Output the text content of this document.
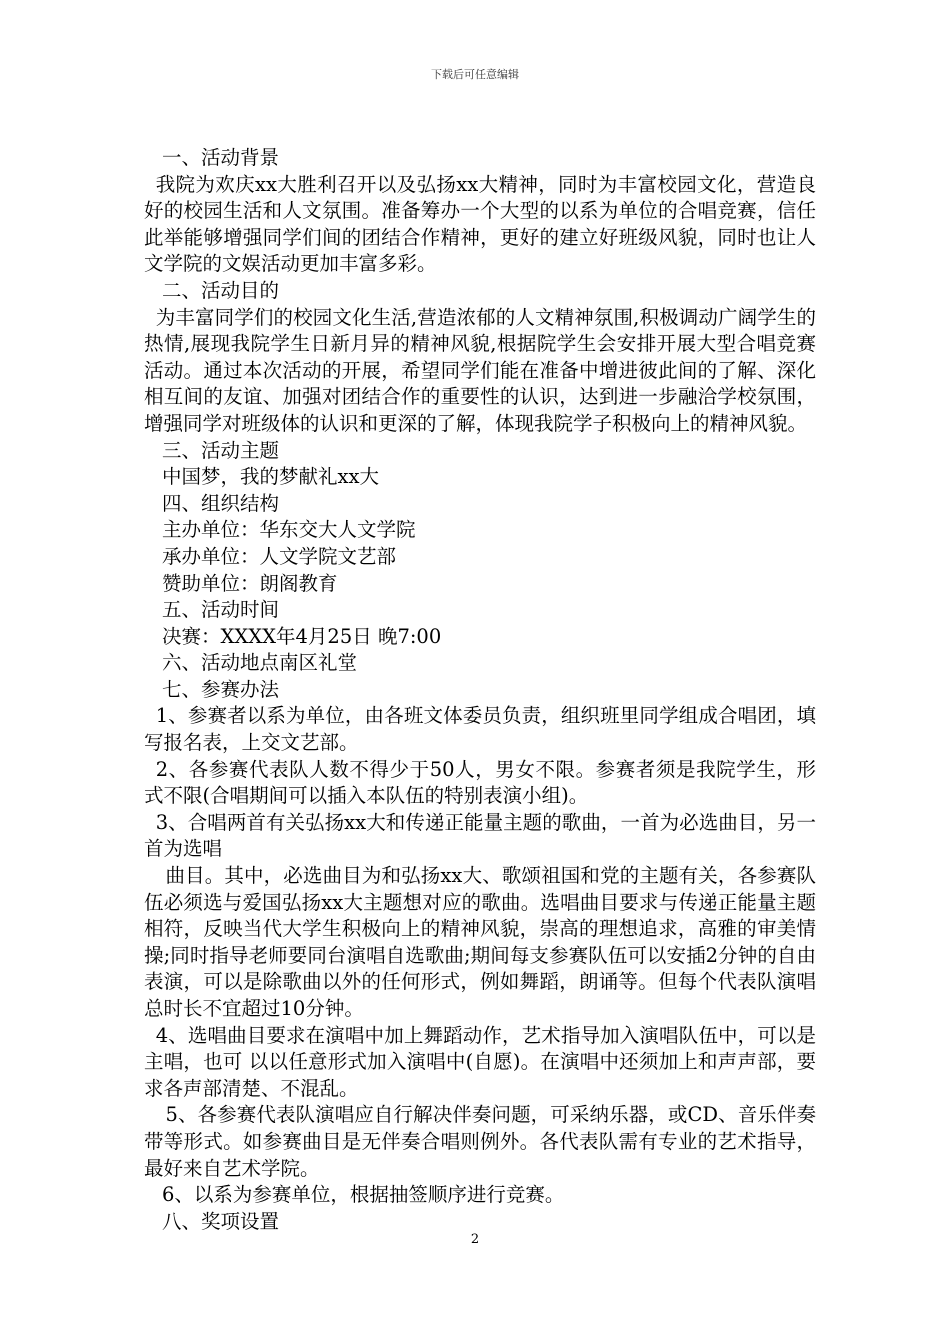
下载后可任意编辑

一、活动背景

我院为欢庆xx大胜利召开以及弘扬xx大精神，同时为丰富校园文化，营造良好的校园生活和人文氛围。准备筹办一个大型的以系为单位的合唱竞赛，信任此举能够增强同学们间的团结合作精神，更好的建立好班级风貌，同时也让人文学院的文娱活动更加丰富多彩。

二、活动目的

为丰富同学们的校园文化生活,营造浓郁的人文精神氛围,积极调动广阔学生的热情,展现我院学生日新月异的精神风貌,根据院学生会安排开展大型合唱竞赛活动。通过本次活动的开展，希望同学们能在准备中增进彼此间的了解、深化相互间的友谊、加强对团结合作的重要性的认识，达到进一步融洽学校氛围，增强同学对班级体的认识和更深的了解，体现我院学子积极向上的精神风貌。

三、活动主题

中国梦，我的梦献礼xx大

四、组织结构

主办单位：华东交大人文学院

承办单位：人文学院文艺部

赞助单位：朗阁教育

五、活动时间

决赛：XXXX年4月25日 晚7:00

六、活动地点南区礼堂

七、参赛办法

1、参赛者以系为单位，由各班文体委员负责，组织班里同学组成合唱团，填写报名表，上交文艺部。

2、各参赛代表队人数不得少于50人，男女不限。参赛者须是我院学生，形式不限(合唱期间可以插入本队伍的特别表演小组)。

3、合唱两首有关弘扬xx大和传递正能量主题的歌曲，一首为必选曲目，另一首为选唱

曲目。其中，必选曲目为和弘扬xx大、歌颂祖国和党的主题有关，各参赛队伍必须选与爱国弘扬xx大主题想对应的歌曲。选唱曲目要求与传递正能量主题相符，反映当代大学生积极向上的精神风貌，崇高的理想追求，高雅的审美情操;同时指导老师要同台演唱自选歌曲;期间每支参赛队伍可以安插2分钟的自由表演，可以是除歌曲以外的任何形式，例如舞蹈，朗诵等。但每个代表队演唱总时长不宜超过10分钟。

4、选唱曲目要求在演唱中加上舞蹈动作，艺术指导加入演唱队伍中，可以是主唱，也可 以以任意形式加入演唱中(自愿)。在演唱中还须加上和声声部，要求各声部清楚、不混乱。

5、各参赛代表队演唱应自行解决伴奏问题，可采纳乐器，或CD、音乐伴奏带等形式。如参赛曲目是无伴奏合唱则例外。各代表队需有专业的艺术指导，最好来自艺术学院。

6、以系为参赛单位，根据抽签顺序进行竞赛。

八、奖项设置

2
